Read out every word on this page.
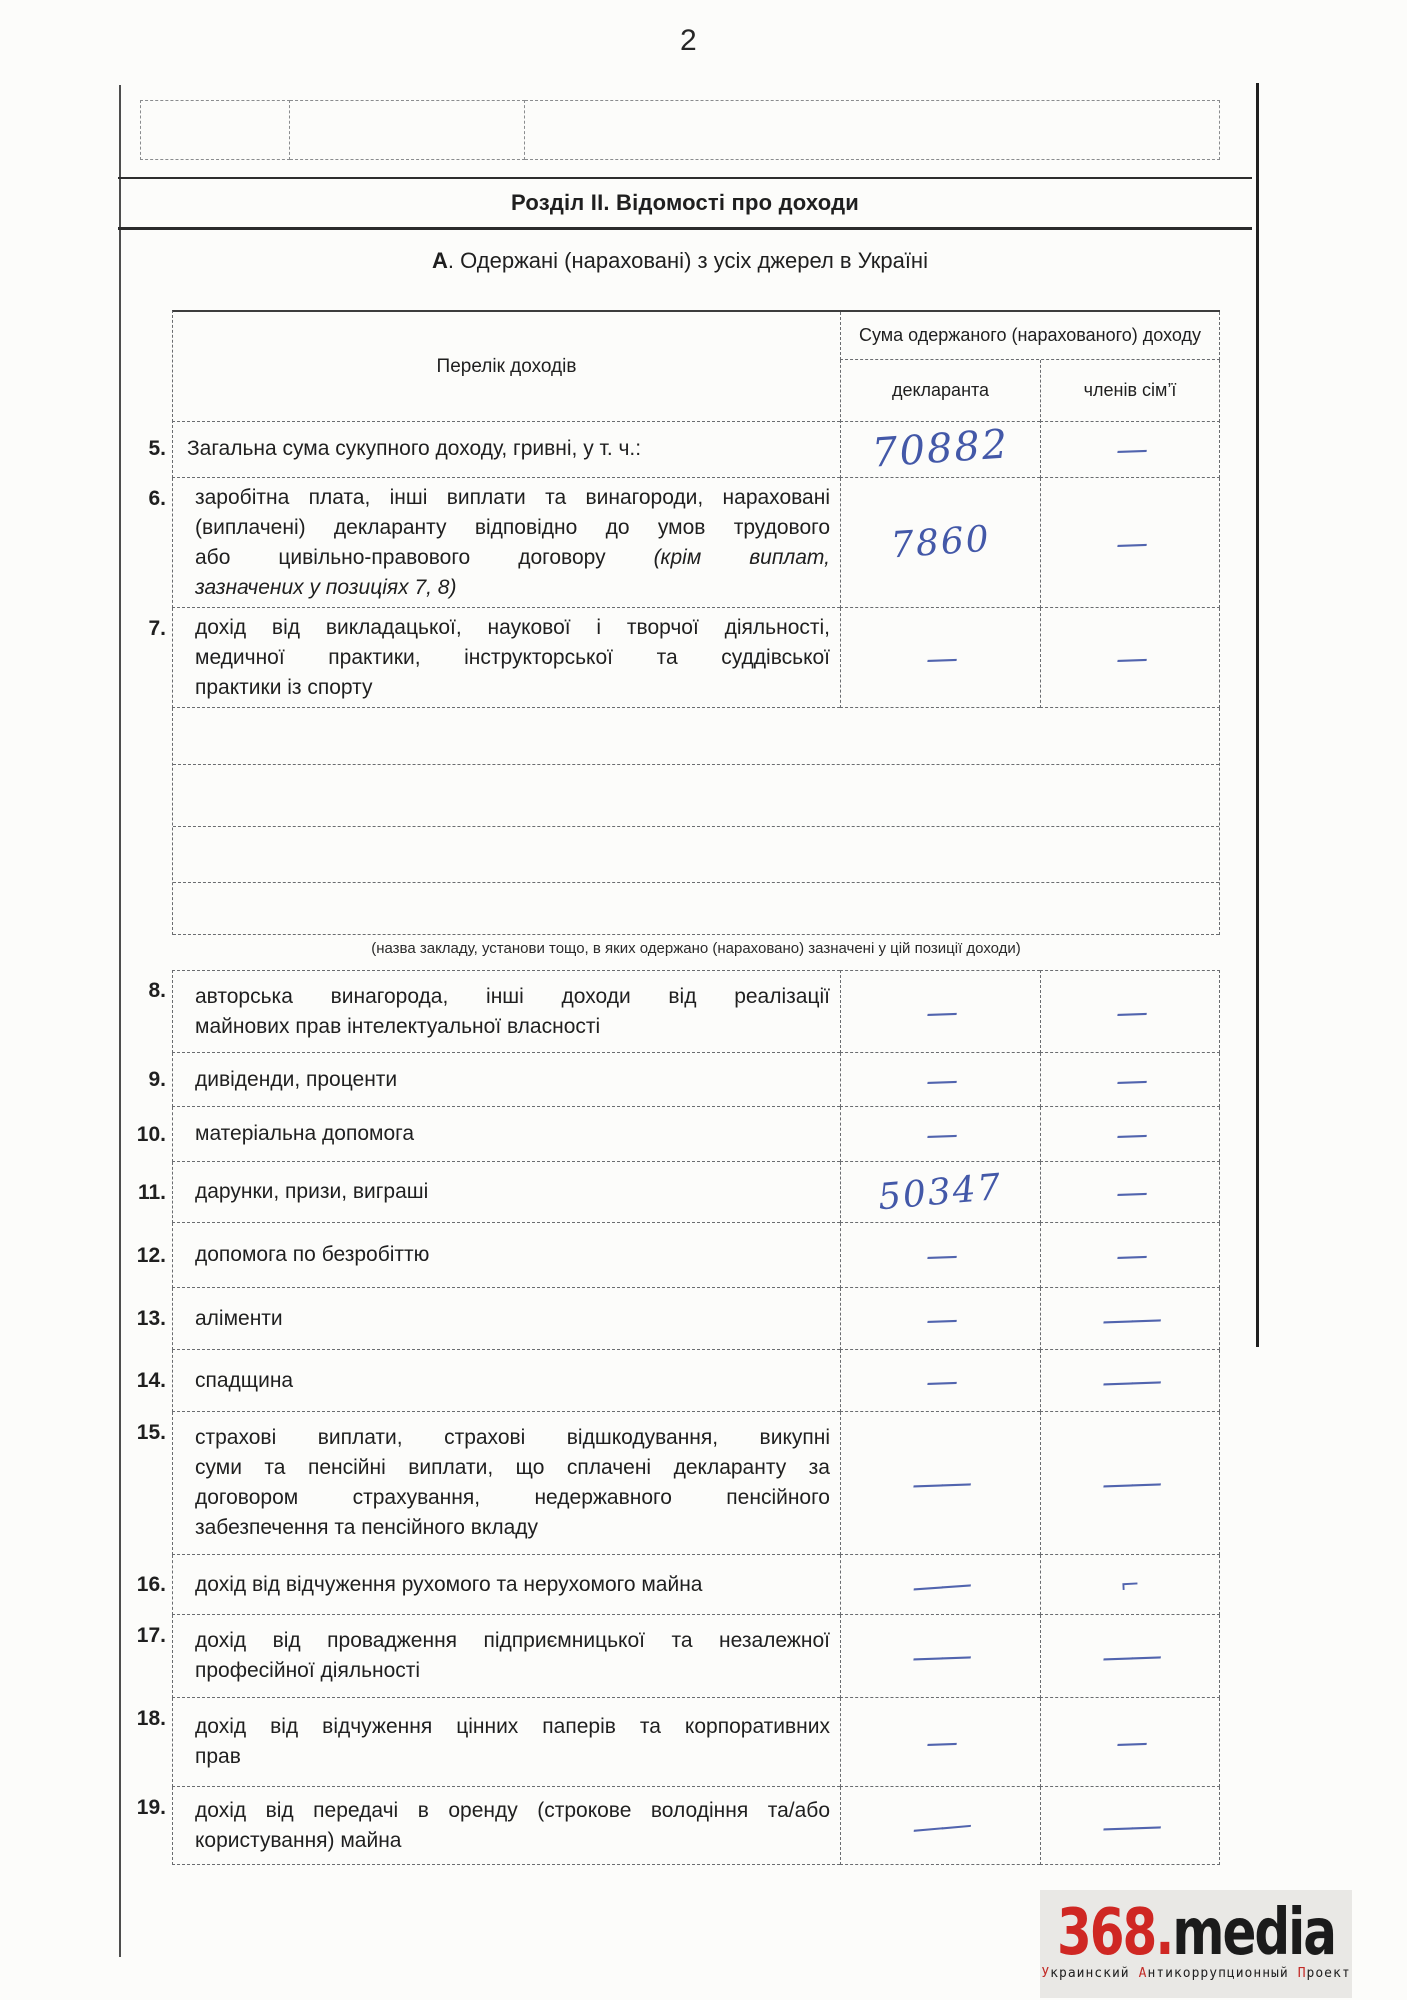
2
Розділ ІІ. Відомості про доходи
А. Одержані (нараховані) з усіх джерел в Україні
Перелік доходів
Сума одержаного (нарахованого) доходу
декларанта	членів сім’ї
5.	Загальна сума сукупного доходу, гривні, у т. ч.:	70882	—
6. заробітна плата, інші виплати та винагороди, нараховані
(виплачені) декларанту відповідно до умов трудового
або цивільно-правового договору (крім виплат,
зазначених у позиціях 7, 8)
7860	—
7. дохід від викладацької, наукової і творчої діяльності,
медичної практики, інструкторської та суддівської
практики із спорту
—	—
(назва закладу, установи тощо, в яких одержано (нараховано) зазначені у цій позиції доходи)
8. авторська винагорода, інші доходи від реалізації
майнових прав інтелектуальної власності	—	—
9.	дивіденди, проценти	—	—
10.	матеріальна допомога	—	—
11.	дарунки, призи, виграші	50347	—
12.	допомога по безробіттю	—	—
13.	аліменти	—	——
14.	спадщина	—	——
15. страхові виплати, страхові відшкодування, викупні
суми та пенсійні виплати, що сплачені декларанту за
договором страхування, недержавного пенсійного
забезпечення та пенсійного вкладу
——	——
16.	дохід від відчуження рухомого та нерухомого майна	——	⌐
17. дохід від провадження підприємницької та незалежної
професійної діяльності	——	——
18. дохід від відчуження цінних паперів та корпоративних
прав	—	—
19. дохід від передачі в оренду (строкове володіння та/або
користування) майна	——	——
368.media
Украинский Антикоррупционный Проект
